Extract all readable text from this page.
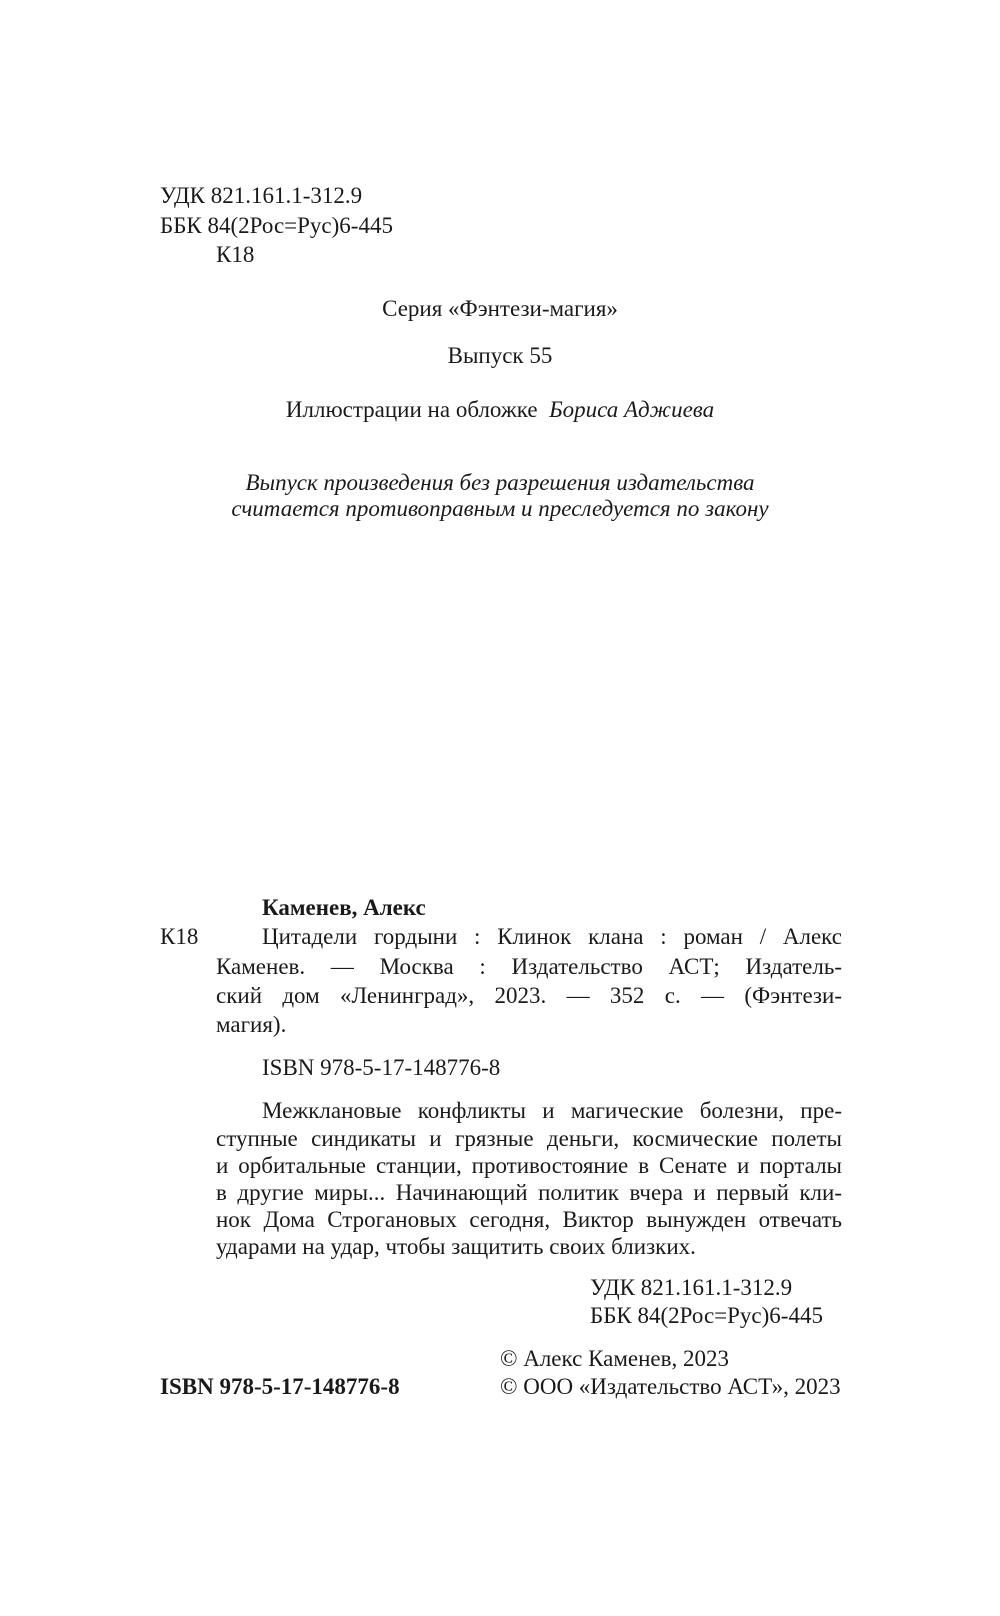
УДК 821.161.1-312.9
ББК 84(2Рос=Рус)6-445
К18
Серия «Фэнтези-магия»
Выпуск 55
Иллюстрации на обложке Бориса Аджиева
Выпуск произведения без разрешения издательства
считается противоправным и преследуется по закону
Каменев, Алекс
К18	Цитадели гордыни : Клинок клана : роман / Алекс
Каменев. — Москва : Издательство АСТ; Издатель-
ский дом «Ленинград», 2023. — 352 с. — (Фэнтези-
магия).
ISBN 978-5-17-148776-8
Межклановые конфликты и магические болезни, пре-
ступные синдикаты и грязные деньги, космические полеты
и орбитальные станции, противостояние в Сенате и порталы
в другие миры... Начинающий политик вчера и первый кли-
нок Дома Строгановых сегодня, Виктор вынужден отвечать
ударами на удар, чтобы защитить своих близких.
УДК 821.161.1-312.9
ББК 84(2Рос=Рус)6-445
© Алекс Каменев, 2023
© ООО «Издательство АСТ», 2023
ISBN 978-5-17-148776-8
